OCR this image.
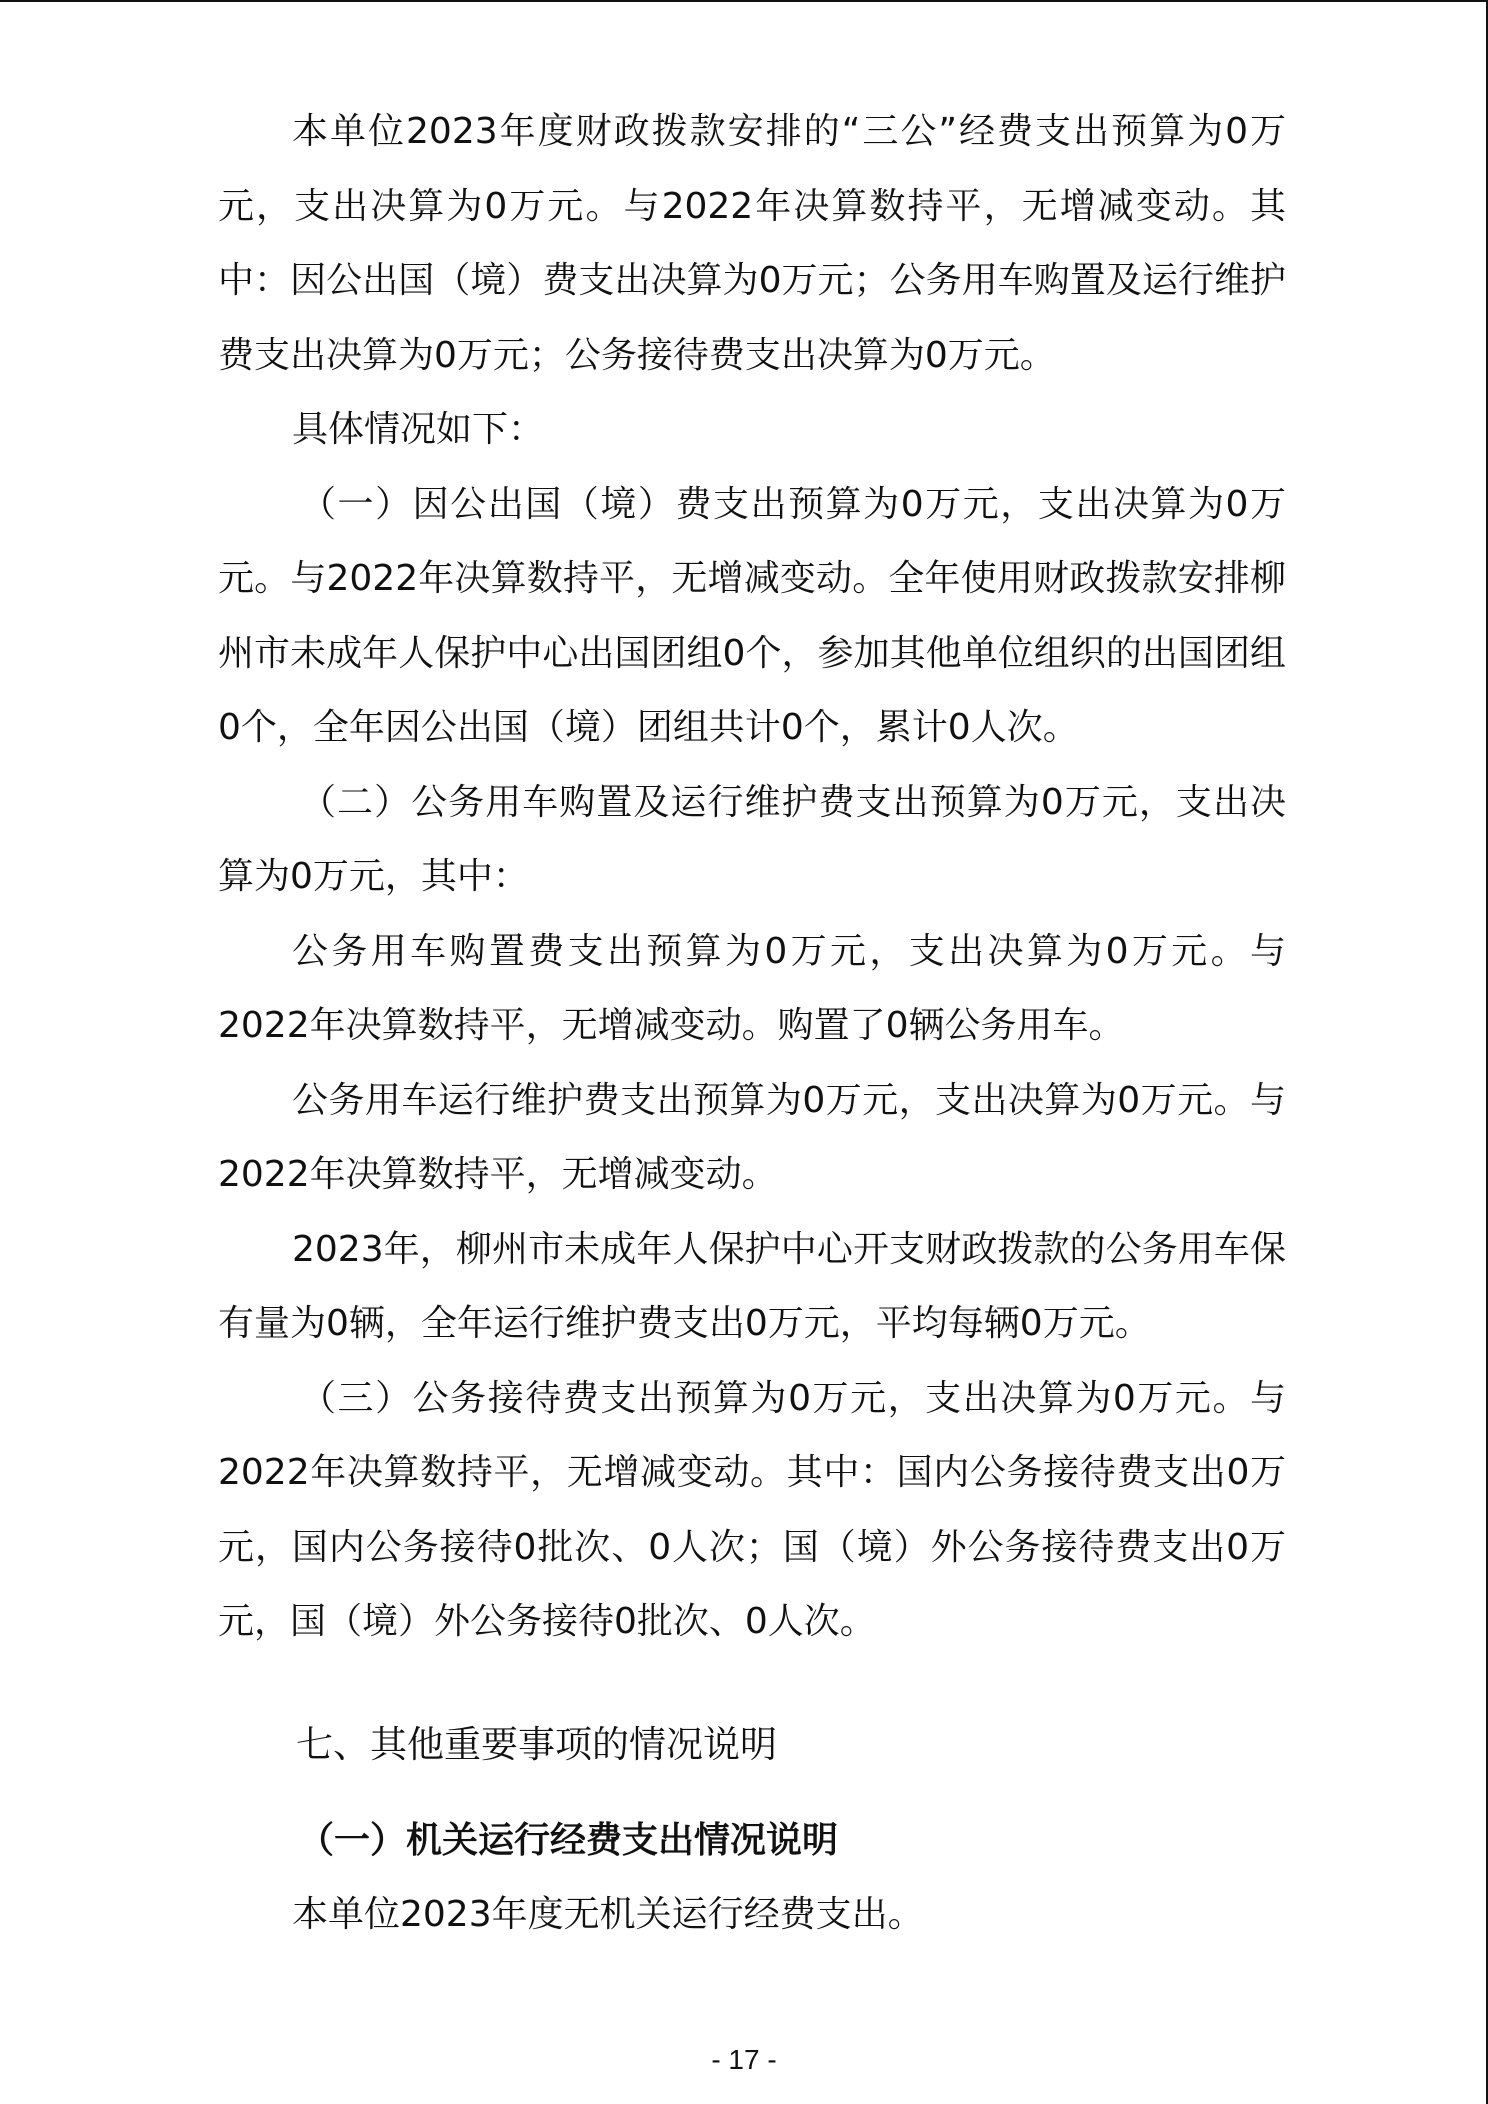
本单位2023年度财政拨款安排的“三公”经费支出预算为0万元，支出决算为0万元。与2022年决算数持平，无增减变动。其中：因公出国（境）费支出决算为0万元；公务用车购置及运行维护费支出决算为0万元；公务接待费支出决算为0万元。

具体情况如下：

（一）因公出国（境）费支出预算为0万元，支出决算为0万元。与2022年决算数持平，无增减变动。全年使用财政拨款安排柳州市未成年人保护中心出国团组0个，参加其他单位组织的出国团组0个，全年因公出国（境）团组共计0个，累计0人次。

（二）公务用车购置及运行维护费支出预算为0万元，支出决算为0万元，其中：

公务用车购置费支出预算为0万元，支出决算为0万元。与2022年决算数持平，无增减变动。购置了0辆公务用车。

公务用车运行维护费支出预算为0万元，支出决算为0万元。与2022年决算数持平，无增减变动。

2023年，柳州市未成年人保护中心开支财政拨款的公务用车保有量为0辆，全年运行维护费支出0万元，平均每辆0万元。

（三）公务接待费支出预算为0万元，支出决算为0万元。与2022年决算数持平，无增减变动。其中：国内公务接待费支出0万元，国内公务接待0批次、0人次；国（境）外公务接待费支出0万元，国（境）外公务接待0批次、0人次。

七、其他重要事项的情况说明
（一）机关运行经费支出情况说明

本单位2023年度无机关运行经费支出。

- 17 -
